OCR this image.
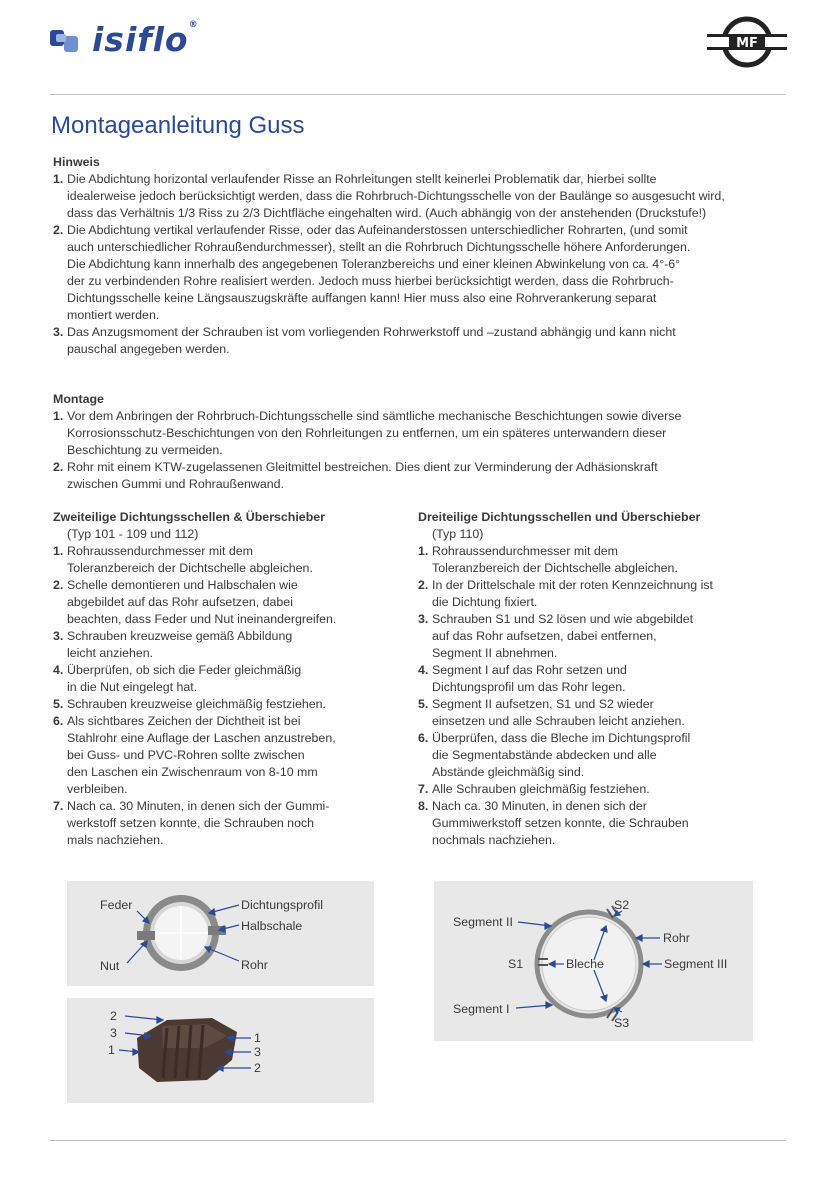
isiflo®
MF
Montageanleitung Guss
Hinweis
1. Die Abdichtung horizontal verlaufender Risse an Rohrleitungen stellt keinerlei Problematik dar, hierbei sollte
idealerweise jedoch berücksichtigt werden, dass die Rohrbruch-Dichtungsschelle von der Baulänge so ausgesucht wird,
dass das Verhältnis 1/3 Riss zu 2/3 Dichtfläche eingehalten wird. (Auch abhängig von der anstehenden (Druckstufe!)
2. Die Abdichtung vertikal verlaufender Risse, oder das Aufeinanderstossen unterschiedlicher Rohrarten, (und somit
auch unterschiedlicher Rohraußendurchmesser), stellt an die Rohrbruch Dichtungsschelle höhere Anforderungen.
Die Abdichtung kann innerhalb des angegebenen Toleranzbereichs und einer kleinen Abwinkelung von ca. 4°-6°
der zu verbindenden Rohre realisiert werden. Jedoch muss hierbei berücksichtigt werden, dass die Rohrbruch-
Dichtungsschelle keine Längsauszugskräfte auffangen kann! Hier muss also eine Rohrverankerung separat
montiert werden.
3. Das Anzugsmoment der Schrauben ist vom vorliegenden Rohrwerkstoff und –zustand abhängig und kann nicht
pauschal angegeben werden.
Montage
1. Vor dem Anbringen der Rohrbruch-Dichtungsschelle sind sämtliche mechanische Beschichtungen sowie diverse
Korrosionsschutz-Beschichtungen von den Rohrleitungen zu entfernen, um ein späteres unterwandern dieser
Beschichtung zu vermeiden.
2. Rohr mit einem KTW-zugelassenen Gleitmittel bestreichen. Dies dient zur Verminderung der Adhäsionskraft
zwischen Gummi und Rohraußenwand.
Zweiteilige Dichtungsschellen & Überschieber
(Typ 101 - 109 und 112)
1. Rohraussendurchmesser mit dem
Toleranzbereich der Dichtschelle abgleichen.
2. Schelle demontieren und Halbschalen wie
abgebildet auf das Rohr aufsetzen, dabei
beachten, dass Feder und Nut ineinandergreifen.
3. Schrauben kreuzweise gemäß Abbildung
leicht anziehen.
4. Überprüfen, ob sich die Feder gleichmäßig
in die Nut eingelegt hat.
5. Schrauben kreuzweise gleichmäßig festziehen.
6. Als sichtbares Zeichen der Dichtheit ist bei
Stahlrohr eine Auflage der Laschen anzustreben,
bei Guss- und PVC-Rohren sollte zwischen
den Laschen ein Zwischenraum von 8-10 mm
verbleiben.
7. Nach ca. 30 Minuten, in denen sich der Gummi-
werkstoff setzen konnte, die Schrauben noch
mals nachziehen.
Dreiteilige Dichtungsschellen und Überschieber
(Typ 110)
1. Rohraussendurchmesser mit dem
Toleranzbereich der Dichtschelle abgleichen.
2. In der Drittelschale mit der roten Kennzeichnung ist
die Dichtung fixiert.
3. Schrauben S1 und S2 lösen und wie abgebildet
auf das Rohr aufsetzen, dabei entfernen,
Segment II abnehmen.
4. Segment I auf das Rohr setzen und
Dichtungsprofil um das Rohr legen.
5. Segment II aufsetzen, S1 und S2 wieder
einsetzen und alle Schrauben leicht anziehen.
6. Überprüfen, dass die Bleche im Dichtungsprofil
die Segmentabstände abdecken und alle
Abstände gleichmäßig sind.
7. Alle Schrauben gleichmäßig festziehen.
8. Nach ca. 30 Minuten, in denen sich der
Gummiwerkstoff setzen konnte, die Schrauben
nochmals nachziehen.
Feder
Nut
Dichtungsprofil
Halbschale
Rohr
2
3
1
1
3
2
Segment II
S2
Rohr
S1	Bleche	Segment III
Segment I
S3
